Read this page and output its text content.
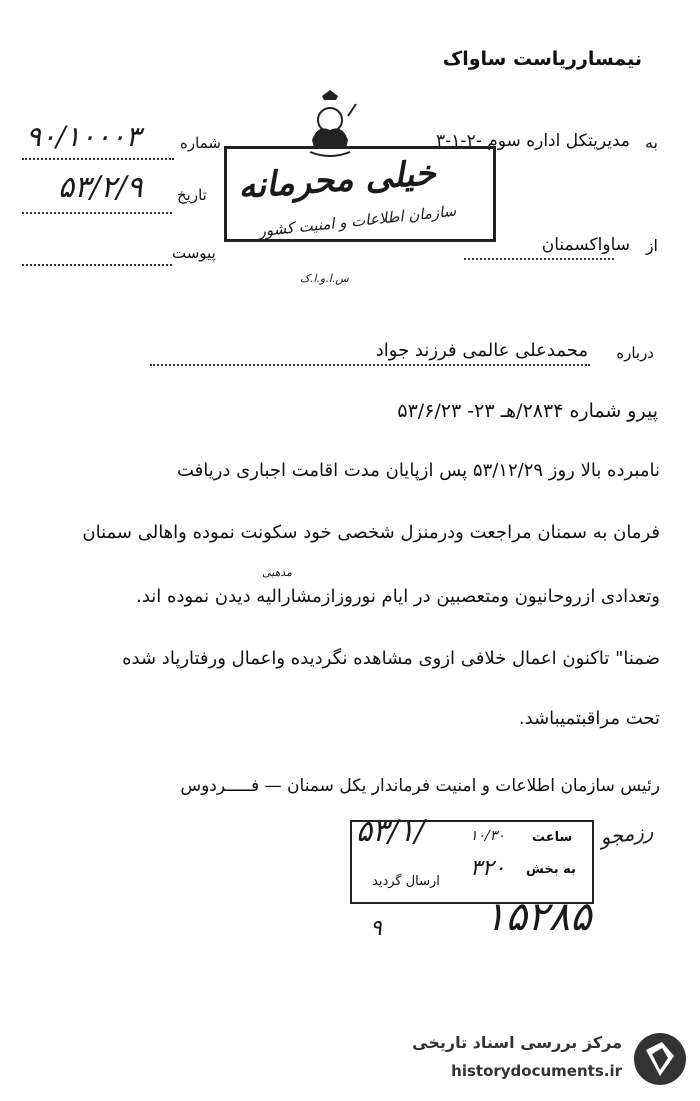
نیمسارریاست ساواک
به
مدیریتکل اداره سوم -۲-۱-۳
شماره
۹۰/۱۰۰۰۳
تاریخ
۵۳/۲/۹
از
ساواکسمنان
پیوست
خیلی محرمانه
سازمان اطلاعات و امنیت کشور
س.ا.و.ا.ک
درباره
محمدعلی عالمی فرزند جواد
پیرو شماره ۲۸۳۴/هـ ۲۳- ۵۳/۶/۲۳
نامبرده بالا روز ۵۳/۱۲/۲۹ پس ازپایان مدت اقامت اجباری دریافت
فرمان به سمنان مراجعت ودرمنزل شخصی خود سکونت نموده واهالی سمنان
مذهبی
وتعدادی ازروحانیون ومتعصبین در ایام نوروزازمشارالیه دیدن نموده اند.
ضمنا" تاکنون اعمال خلافی ازوی مشاهده نگردیده واعمال ورفتارپاد شده
تحت مراقبتمیباشد.
رئیس سازمان اطلاعات و امنیت فرماندار یکل سمنان — فـــــردوس
رزمجو
ساعت
۱۰/۳۰
۵۳/۱/
به بخش
۳۲۰
ارسال گردید
۱۵۲۸۵
۹
مرکز بررسی اسناد تاریخی
historydocuments.ir
